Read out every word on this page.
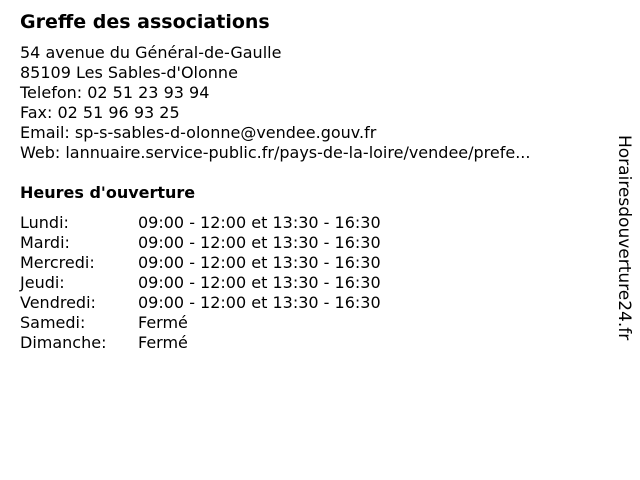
Greffe des associations
54 avenue du Général-de-Gaulle
85109 Les Sables-d'Olonne
Telefon: 02 51 23 93 94
Fax: 02 51 96 93 25
Email: sp-s-sables-d-olonne@vendee.gouv.fr
Web: lannuaire.service-public.fr/pays-de-la-loire/vendee/prefe...
Heures d'ouverture
Lundi:	09:00 - 12:00 et 13:30 - 16:30
Mardi:	09:00 - 12:00 et 13:30 - 16:30
Mercredi:	09:00 - 12:00 et 13:30 - 16:30
Jeudi:	09:00 - 12:00 et 13:30 - 16:30
Vendredi:	09:00 - 12:00 et 13:30 - 16:30
Samedi:	Fermé
Dimanche: Fermé
Horairesdouverture24.fr
